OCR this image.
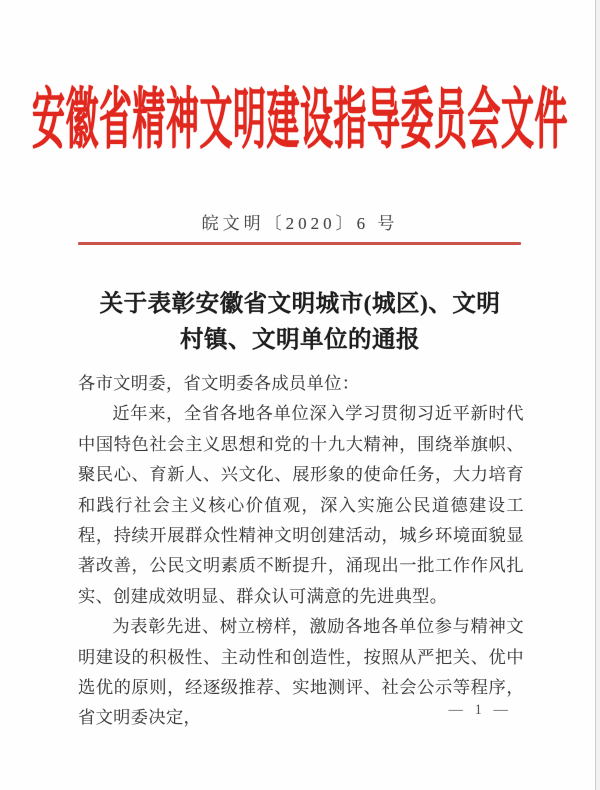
安徽省精神文明建设指导委员会文件
皖文明〔2020〕6 号
关于表彰安徽省文明城市(城区)、文明
村镇、文明单位的通报

各市文明委，省文明委各成员单位：

近年来，全省各地各单位深入学习贯彻习近平新时代中国特色社会主义思想和党的十九大精神，围绕举旗帜、聚民心、育新人、兴文化、展形象的使命任务，大力培育和践行社会主义核心价值观，深入实施公民道德建设工程，持续开展群众性精神文明创建活动，城乡环境面貌显著改善，公民文明素质不断提升，涌现出一批工作作风扎实、创建成效明显、群众认可满意的先进典型。

为表彰先进、树立榜样，激励各地各单位参与精神文明建设的积极性、主动性和创造性，按照从严把关、优中选优的原则，经逐级推荐、实地测评、社会公示等程序，省文明委决定，	— 1 —
